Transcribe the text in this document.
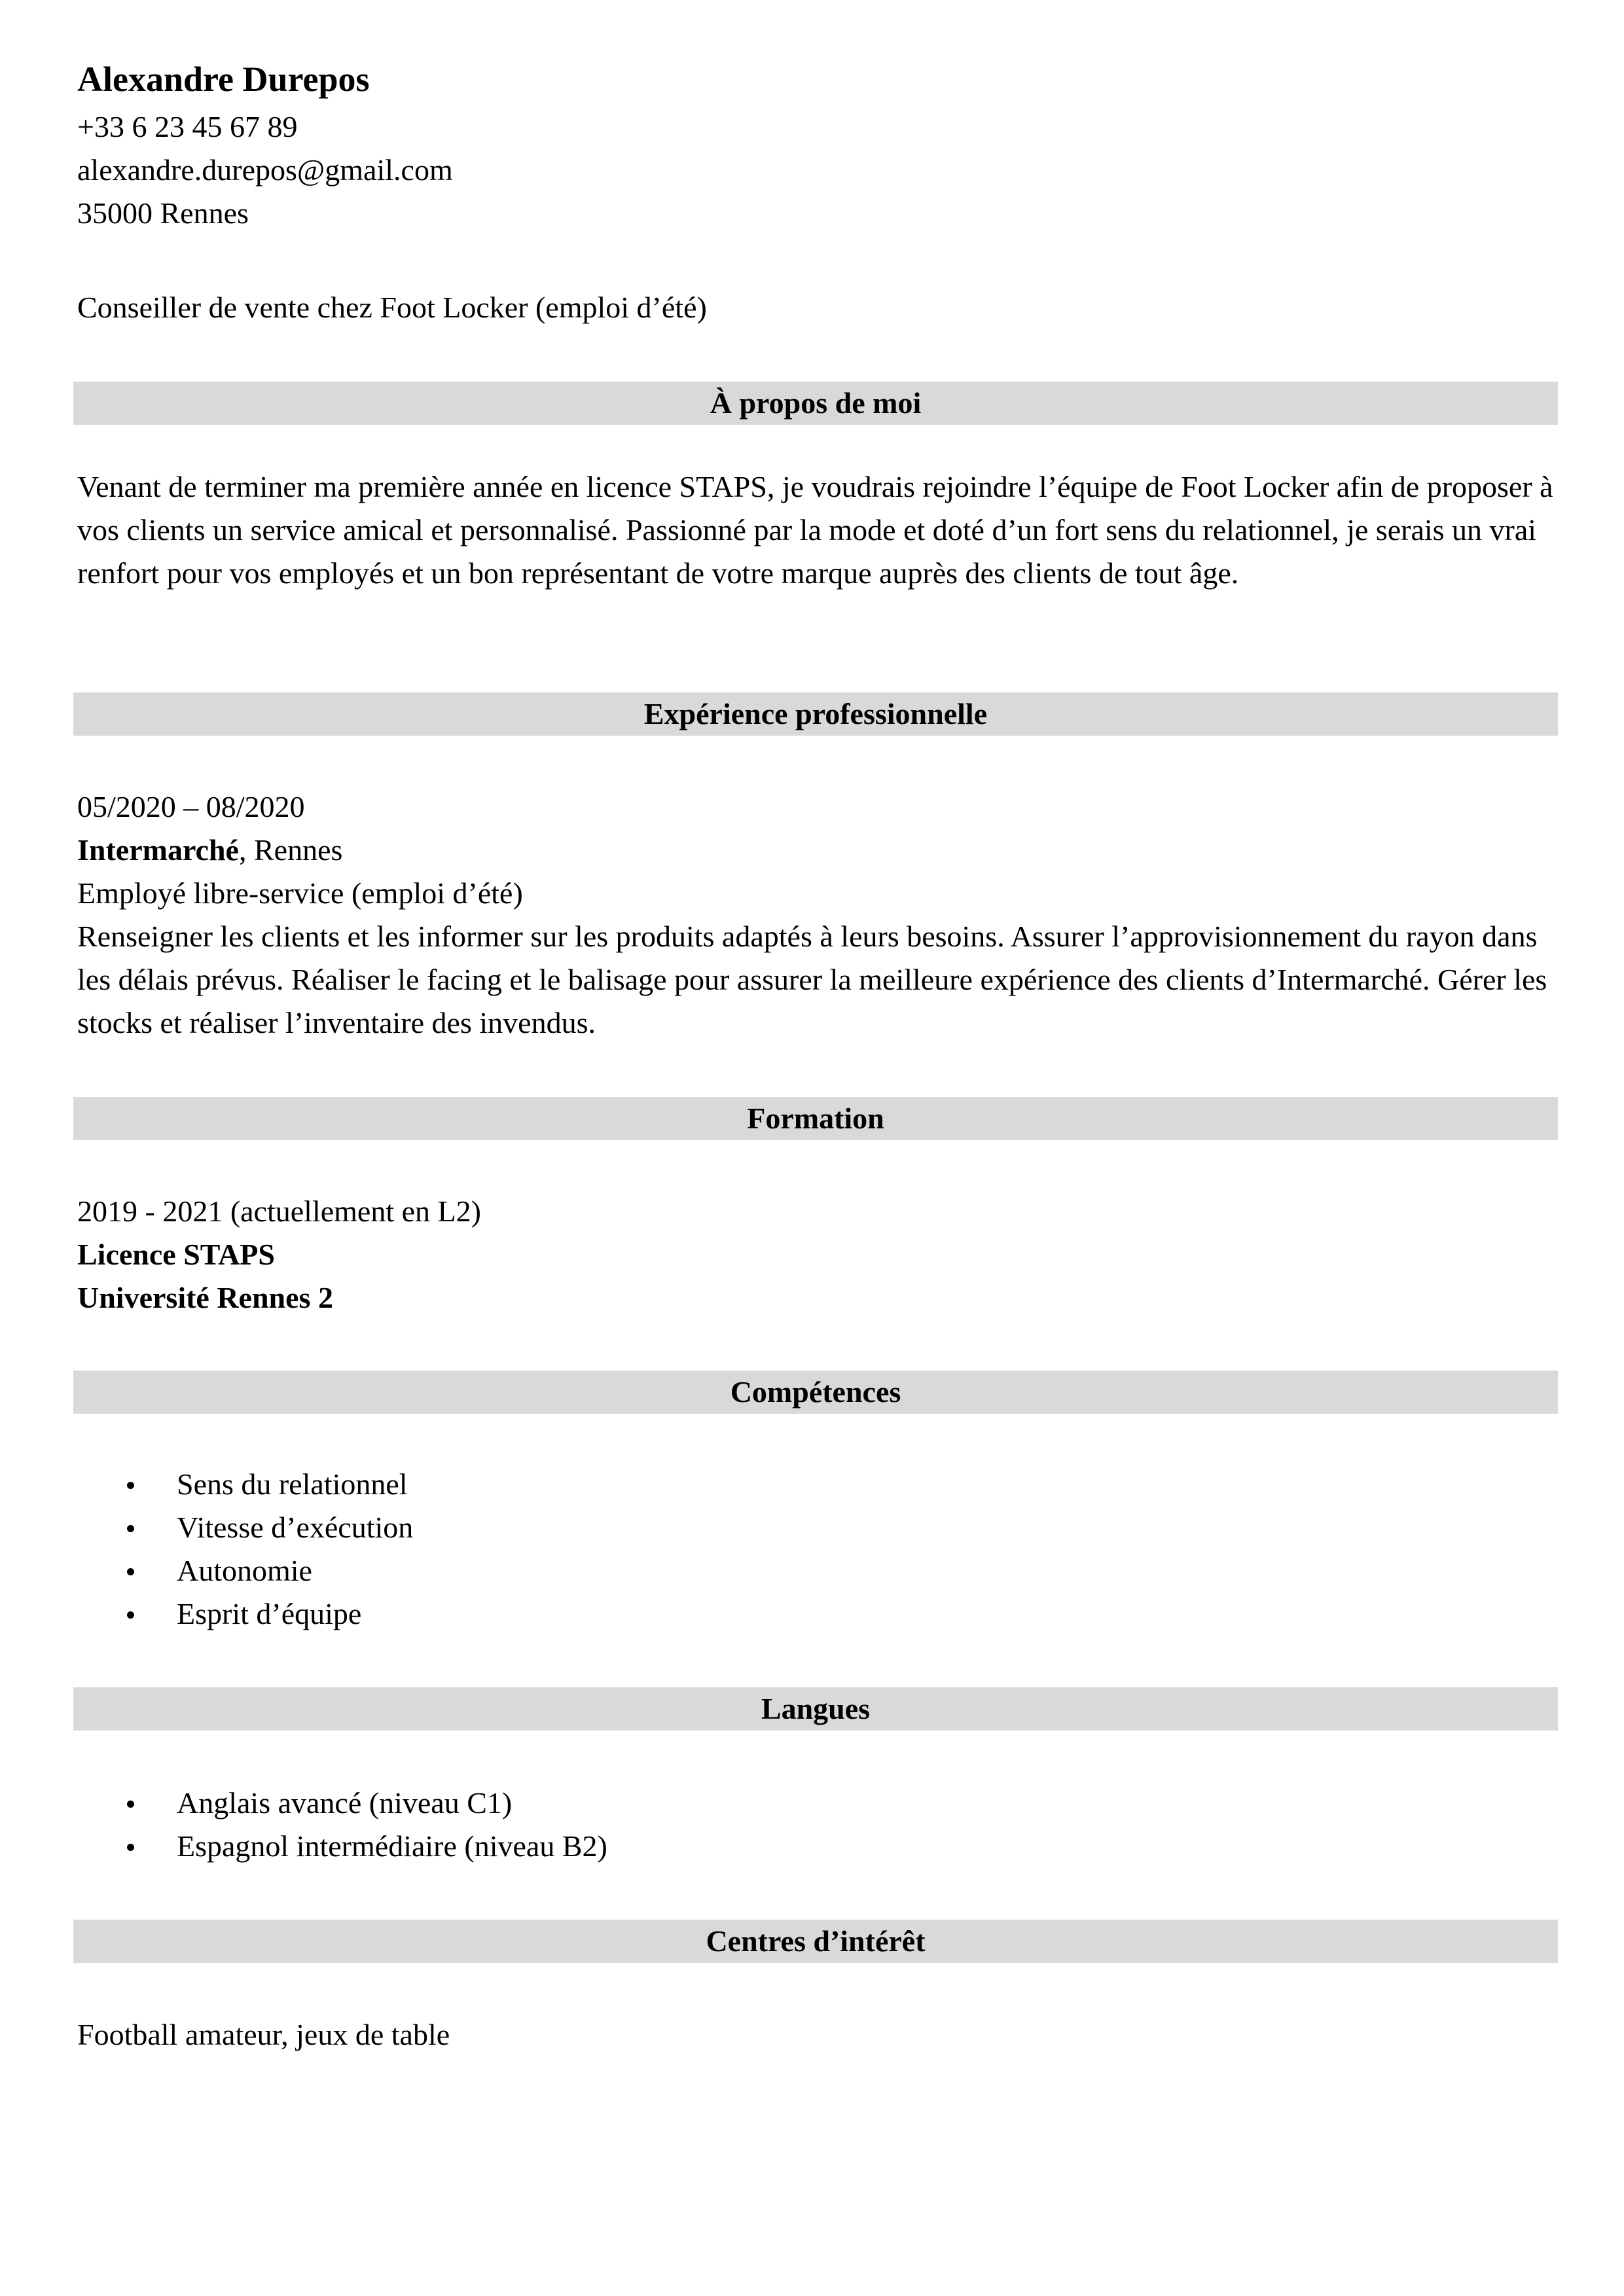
Alexandre Durepos
+33 6 23 45 67 89
alexandre.durepos@gmail.com
35000 Rennes
Conseiller de vente chez Foot Locker (emploi d’été)
À propos de moi
Venant de terminer ma première année en licence STAPS, je voudrais rejoindre l’équipe de Foot Locker afin de proposer à vos clients un service amical et personnalisé. Passionné par la mode et doté d’un fort sens du relationnel, je serais un vrai renfort pour vos employés et un bon représentant de votre marque auprès des clients de tout âge.
Expérience professionnelle
05/2020 – 08/2020
Intermarché, Rennes
Employé libre-service (emploi d’été)
Renseigner les clients et les informer sur les produits adaptés à leurs besoins. Assurer l’approvisionnement du rayon dans les délais prévus. Réaliser le facing et le balisage pour assurer la meilleure expérience des clients d’Intermarché. Gérer les stocks et réaliser l’inventaire des invendus.
Formation
2019 - 2021 (actuellement en L2)
Licence STAPS
Université Rennes 2
Compétences
Sens du relationnel
Vitesse d’exécution
Autonomie
Esprit d’équipe
Langues
Anglais avancé (niveau C1)
Espagnol intermédiaire (niveau B2)
Centres d’intérêt
Football amateur, jeux de table
